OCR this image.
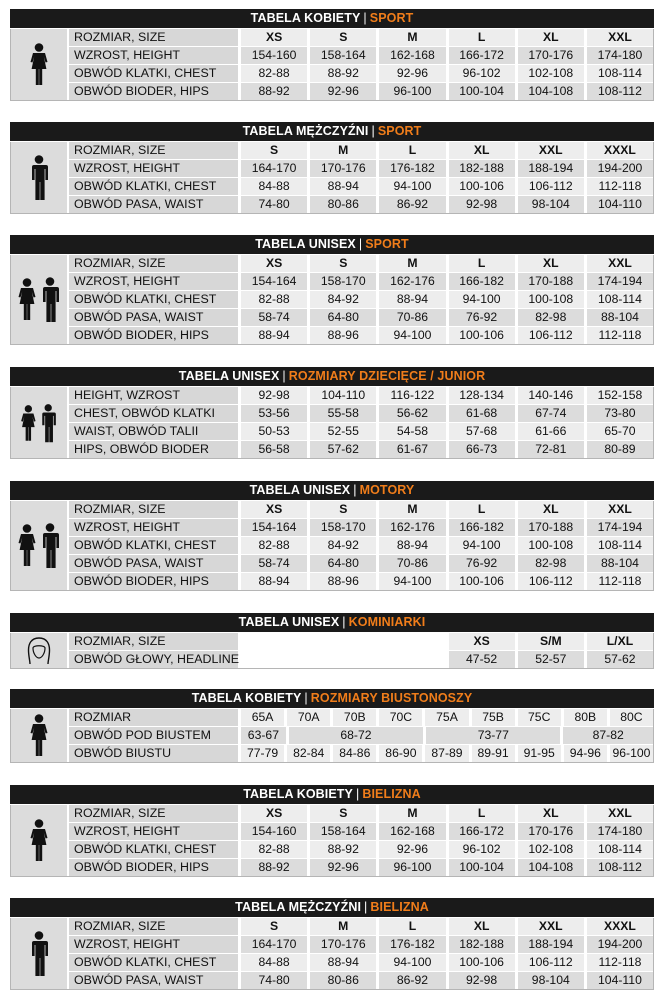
TABELA KOBIETY | SPORT
ROZMIAR, SIZE	XS	S	M	L	XL	XXL
WZROST, HEIGHT	154-160	158-164	162-168	166-172	170-176	174-180
OBWÓD KLATKI, CHEST	82-88	88-92	92-96	96-102	102-108	108-114
OBWÓD BIODER, HIPS	88-92	92-96	96-100	100-104	104-108	108-112
TABELA MĘŻCZYŹNI | SPORT
ROZMIAR, SIZE	S	M	L	XL	XXL	XXXL
WZROST, HEIGHT	164-170	170-176	176-182	182-188	188-194	194-200
OBWÓD KLATKI, CHEST	84-88	88-94	94-100	100-106	106-112	112-118
OBWÓD PASA, WAIST	74-80	80-86	86-92	92-98	98-104	104-110
TABELA UNISEX | SPORT
ROZMIAR, SIZE	XS	S	M	L	XL	XXL
WZROST, HEIGHT	154-164	158-170	162-176	166-182	170-188	174-194
OBWÓD KLATKI, CHEST	82-88	84-92	88-94	94-100	100-108	108-114
OBWÓD PASA, WAIST	58-74	64-80	70-86	76-92	82-98	88-104
OBWÓD BIODER, HIPS	88-94	88-96	94-100	100-106	106-112	112-118
TABELA UNISEX | ROZMIARY DZIECIĘCE / JUNIOR
HEIGHT, WZROST	92-98	104-110	116-122	128-134	140-146	152-158
CHEST, OBWÓD KLATKI	53-56	55-58	56-62	61-68	67-74	73-80
WAIST, OBWÓD TALII	50-53	52-55	54-58	57-68	61-66	65-70
HIPS, OBWÓD BIODER	56-58	57-62	61-67	66-73	72-81	80-89
TABELA UNISEX | MOTORY
ROZMIAR, SIZE	XS	S	M	L	XL	XXL
WZROST, HEIGHT	154-164	158-170	162-176	166-182	170-188	174-194
OBWÓD KLATKI, CHEST	82-88	84-92	88-94	94-100	100-108	108-114
OBWÓD PASA, WAIST	58-74	64-80	70-86	76-92	82-98	88-104
OBWÓD BIODER, HIPS	88-94	88-96	94-100	100-106	106-112	112-118
TABELA UNISEX | KOMINIARKI
ROZMIAR, SIZE	XS	S/M	L/XL
OBWÓD GŁOWY, HEADLINE	47-52	52-57	57-62
TABELA KOBIETY | ROZMIARY BIUSTONOSZY
ROZMIAR	65A	70A	70B	70C	75A	75B	75C	80B	80C
OBWÓD POD BIUSTEM	63-67	68-72	73-77	87-82
OBWÓD BIUSTU	77-79	82-84	84-86	86-90	87-89	89-91	91-95	94-96 96-100
TABELA KOBIETY | BIELIZNA
ROZMIAR, SIZE	XS	S	M	L	XL	XXL
WZROST, HEIGHT	154-160	158-164	162-168	166-172	170-176	174-180
OBWÓD KLATKI, CHEST	82-88	88-92	92-96	96-102	102-108	108-114
OBWÓD BIODER, HIPS	88-92	92-96	96-100	100-104	104-108	108-112
TABELA MĘŻCZYŹNI | BIELIZNA
ROZMIAR, SIZE	S	M	L	XL	XXL	XXXL
WZROST, HEIGHT	164-170	170-176	176-182	182-188	188-194	194-200
OBWÓD KLATKI, CHEST	84-88	88-94	94-100	100-106	106-112	112-118
OBWÓD PASA, WAIST	74-80	80-86	86-92	92-98	98-104	104-110
